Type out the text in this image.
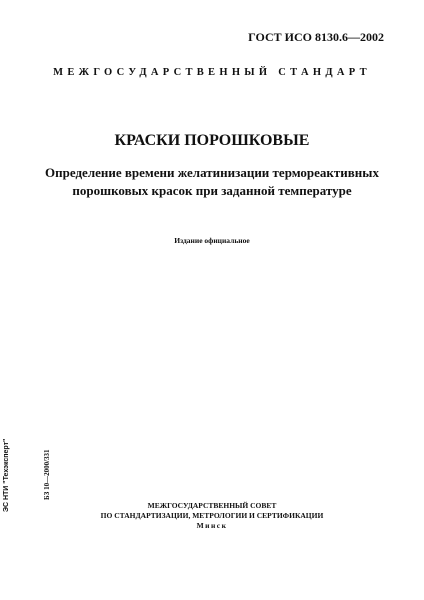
ГОСТ ИСО 8130.6—2002
МЕЖГОСУДАРСТВЕННЫЙ СТАНДАРТ
КРАСКИ ПОРОШКОВЫЕ
Определение времени желатинизации термореактивных
порошковых красок при заданной температуре
Издание официальное
МЕЖГОСУДАРСТВЕННЫЙ СОВЕТ
ПО СТАНДАРТИЗАЦИИ, МЕТРОЛОГИИ И СЕРТИФИКАЦИИ
Минск
ЭС НТИ "Техэксперт"	БЗ 10—2000/331
